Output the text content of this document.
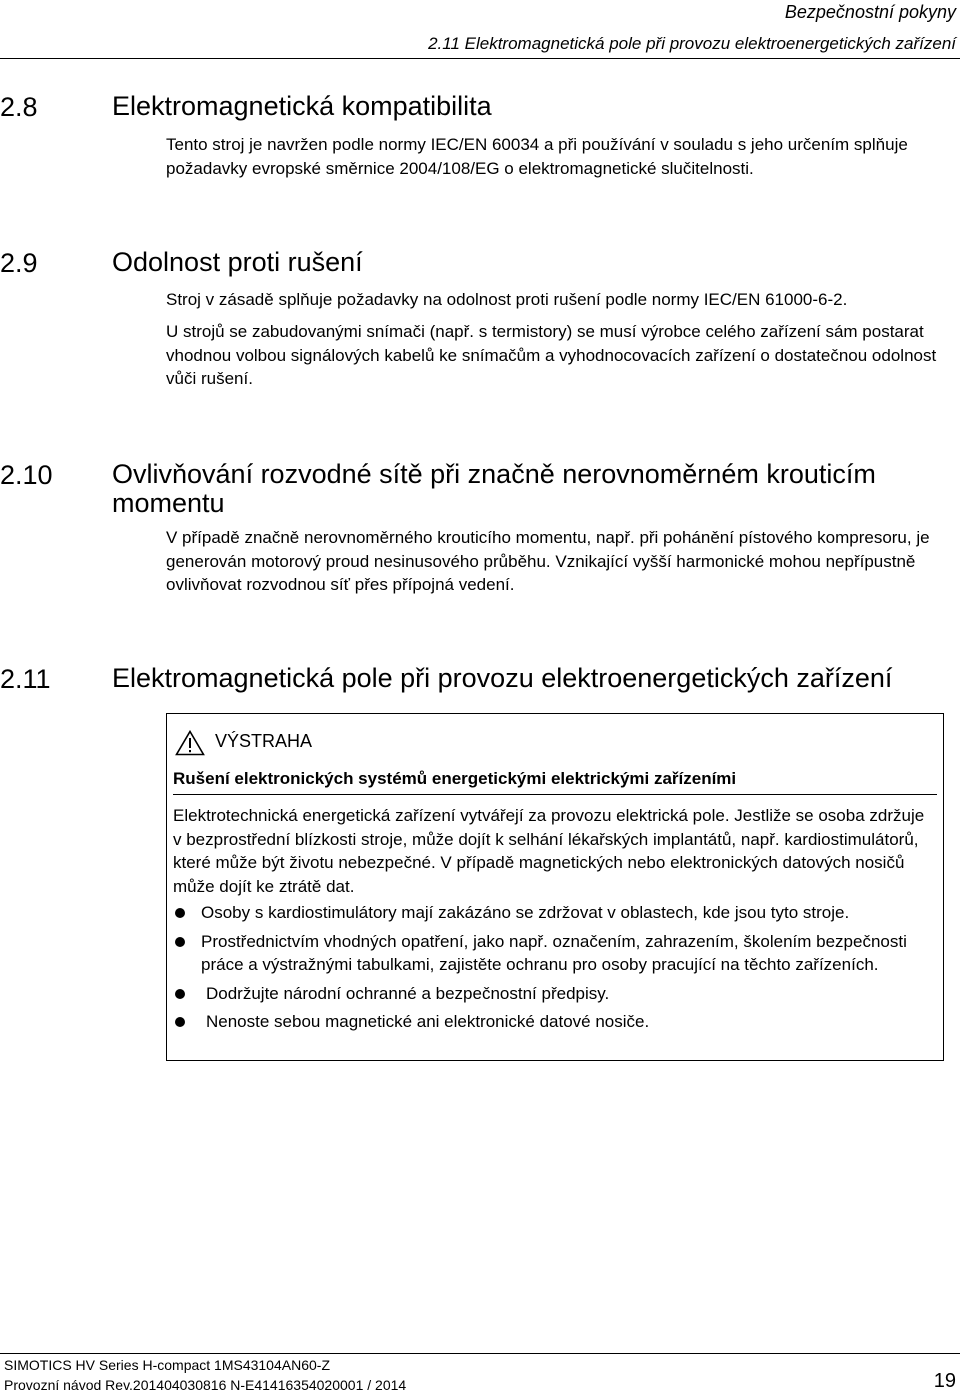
Bezpečnostní pokyny
2.11 Elektromagnetická pole při provozu elektroenergetických zařízení
2.8	Elektromagnetická kompatibilita
Tento stroj je navržen podle normy IEC/EN 60034 a při používání v souladu s jeho určením splňuje požadavky evropské směrnice 2004/108/EG o elektromagnetické slučitelnosti.
2.9	Odolnost proti rušení
Stroj v zásadě splňuje požadavky na odolnost proti rušení podle normy IEC/EN 61000-6-2.
U strojů se zabudovanými snímači (např. s termistory) se musí výrobce celého zařízení sám postarat vhodnou volbou signálových kabelů ke snímačům a vyhodnocovacích zařízení o dostatečnou odolnost vůči rušení.
2.10 Ovlivňování rozvodné sítě při značně nerovnoměrném krouticím momentu
V případě značně nerovnoměrného krouticího momentu, např. při pohánění pístového kompresoru, je generován motorový proud nesinusového průběhu. Vznikající vyšší harmonické mohou nepřípustně ovlivňovat rozvodnou síť přes přípojná vedení.
2.11 Elektromagnetická pole při provozu elektroenergetických zařízení
VÝSTRAHA
Rušení elektronických systémů energetickými elektrickými zařízeními
Elektrotechnická energetická zařízení vytvářejí za provozu elektrická pole. Jestliže se osoba zdržuje v bezprostřední blízkosti stroje, může dojít k selhání lékařských implantátů, např. kardiostimulátorů, které může být životu nebezpečné. V případě magnetických nebo elektronických datových nosičů může dojít ke ztrátě dat.
Osoby s kardiostimulátory mají zakázáno se zdržovat v oblastech, kde jsou tyto stroje.
Prostřednictvím vhodných opatření, jako např. označením, zahrazením, školením bezpečnosti práce a výstražnými tabulkami, zajistěte ochranu pro osoby pracující na těchto zařízeních.
Dodržujte národní ochranné a bezpečnostní předpisy.
Nenoste sebou magnetické ani elektronické datové nosiče.
SIMOTICS HV Series H-compact 1MS43104AN60-Z
Provozní návod Rev.201404030816 N-E41416354020001 / 2014	19
